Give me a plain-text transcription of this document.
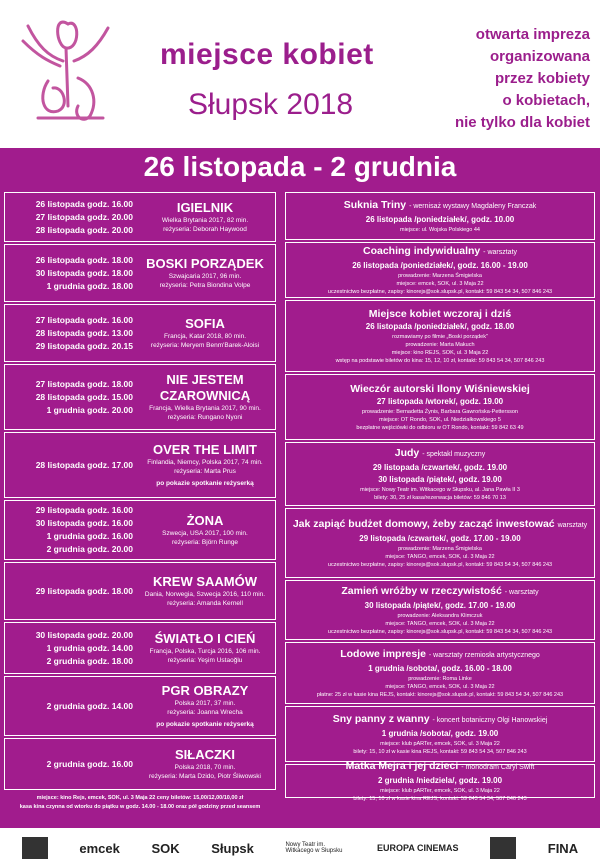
miejsce kobiet
Słupsk 2018
otwarta impreza
organizowana
przez kobiety
o kobietach,
nie tylko dla kobiet
26 listopada - 2 grudnia
26 listopada godz. 16.00
27 listopada godz. 20.00
28 listopada godz. 20.00
IGIELNIK
Wielka Brytania 2017, 82 min.
reżyseria: Deborah Haywood
26 listopada godz. 18.00
30 listopada godz. 18.00
1 grudnia godz. 18.00
BOSKI PORZĄDEK
Szwajcaria 2017, 96 min.
reżyseria: Petra Biondina Volpe
27 listopada godz. 16.00
28 listopada godz. 13.00
29 listopada godz. 20.15
SOFIA
Francja, Katar 2018, 80 min.
reżyseria: Meryem Benm'Barek-Aloisi
27 listopada godz. 18.00
28 listopada godz. 15.00
1 grudnia godz. 20.00
NIE JESTEM CZAROWNICĄ
Francja, Wielka Brytania 2017, 90 min.
reżyseria: Rungano Nyoni
28 listopada godz. 17.00
OVER THE LIMIT
Finlandia, Niemcy, Polska 2017, 74 min.
reżyseria: Marta Prus
po pokazie spotkanie reżyserką
29 listopada godz. 16.00
30 listopada godz. 16.00
1 grudnia godz. 16.00
2 grudnia godz. 20.00
ŻONA
Szwecja, USA 2017, 100 min.
reżyseria: Björn Runge
29 listopada godz. 18.00
KREW SAAMÓW
Dania, Norwegia, Szwecja 2016, 110 min.
reżyseria: Amanda Kernell
30 listopada godz. 20.00
1 grudnia godz. 14.00
2 grudnia godz. 18.00
ŚWIATŁO I CIEŃ
Francja, Polska, Turcja 2016, 106 min.
reżyseria: Yeşim Ustaoğlu
2 grudnia godz. 14.00
PGR OBRAZY
Polska 2017, 37 min.
reżyseria: Joanna Wrecha
po pokazie spotkanie reżyserką
2 grudnia godz. 16.00
SIŁACZKI
Polska 2018, 70 min.
reżyseria: Marta Dzido, Piotr Śliwowski
Suknia Triny - wernisaż wystawy Magdaleny Franczak
26 listopada /poniedziałek/, godz. 10.00
miejsce: ul. Wojska Polskiego 44
Coaching indywidualny - warsztaty
26 listopada /poniedziałek/, godz. 16.00 - 19.00
prowadzenie: Marzena Śmigielska
miejsce: emcek, SOK, ul. 3 Maja 22
uczestnictwo bezpłatne, zapisy: kinorejs@sok.slupsk.pl, kontakt: 59 843 54 34, 507 846 243
Miejsce kobiet wczoraj i dziś
26 listopada /poniedziałek/, godz. 18.00
rozmawiamy po filmie „Boski porządek”
prowadzenie: Marta Makuch
miejsce: kino REJS, SOK, ul. 3 Maja 22
wstęp na podstawie biletów do kina: 15, 12, 10 zł, kontakt: 59 843 54 34, 507 846 243
Wieczór autorski Ilony Wiśniewskiej
27 listopada /wtorek/, godz. 19.00
prowadzenie: Bernadetta Żynis, Barbara Gawrońska-Pettersson
miejsce: OT Rondo, SOK, ul. Niedziałkowskiego 5
bezpłatne wejściówki do odbioru w OT Rondo, kontakt: 59 842 63 49
Judy - spektakl muzyczny
29 listopada /czwartek/, godz. 19.00
30 listopada /piątek/, godz. 19.00
miejsce: Nowy Teatr im. Witkacego w Słupsku, al. Jana Pawła II 3
bilety: 30, 25 zł kasa/rezerwacja biletów: 59 846 70 13
Jak zapiąć budżet domowy, żeby zacząć inwestować warsztaty
29 listopada /czwartek/, godz. 17.00 - 19.00
prowadzenie: Marzena Śmigielska
miejsce: TANGO, emcek, SOK, ul. 3 Maja 22
uczestnictwo bezpłatne, zapisy: kinorejs@sok.slupsk.pl, kontakt: 59 843 54 34, 507 846 243
Zamień wróżby w rzeczywistość - warsztaty
30 listopada /piątek/, godz. 17.00 - 19.00
prowadzenie: Aleksandra Klimczuk
miejsce: TANGO, emcek, SOK, ul. 3 Maja 22
uczestnictwo bezpłatne, zapisy: kinorejs@sok.slupsk.pl, kontakt: 59 843 54 34, 507 846 243
Lodowe impresje - warsztaty rzemiosła artystycznego
1 grudnia /sobota/, godz. 16.00 - 18.00
prowadzenie: Roma Linke
miejsce: TANGO, emcek, SOK, ul. 3 Maja 22
płatne: 25 zł w kasie kina REJS, kontakt: kinorejs@sok.slupsk.pl, kontakt: 59 843 54 34, 507 846 243
Sny panny z wanny - koncert botaniczny Olgi Hanowskiej
1 grudnia /sobota/, godz. 19.00
miejsce: klub pARTer, emcek, SOK, ul. 3 Maja 22
bilety: 15, 10 zł w kasie kina REJS, kontakt: 59 843 54 34, 507 846 243
Matka Mejra i jej dzieci - monodram Caryl Swift
2 grudnia /niedziela/, godz. 19.00
miejsce: klub pARTer, emcek, SOK, ul. 3 Maja 22
bilety: 15, 10 zł w kasie kina REJS, kontakt: 59 843 54 34, 507 846 243
miejsce: kino Rejs, emcek, SOK, ul. 3 Maja 22 ceny biletów: 15,00/12,00/10,00 zł
kasa kina czynna od wtorku do piątku w godz. 14.00 - 18.00 oraz pół godziny przed seansem
emcek SOK Słupsk	Nowy Teatr im. Witkacego w Słupsku	EUROPA CINEMAS	FINA
